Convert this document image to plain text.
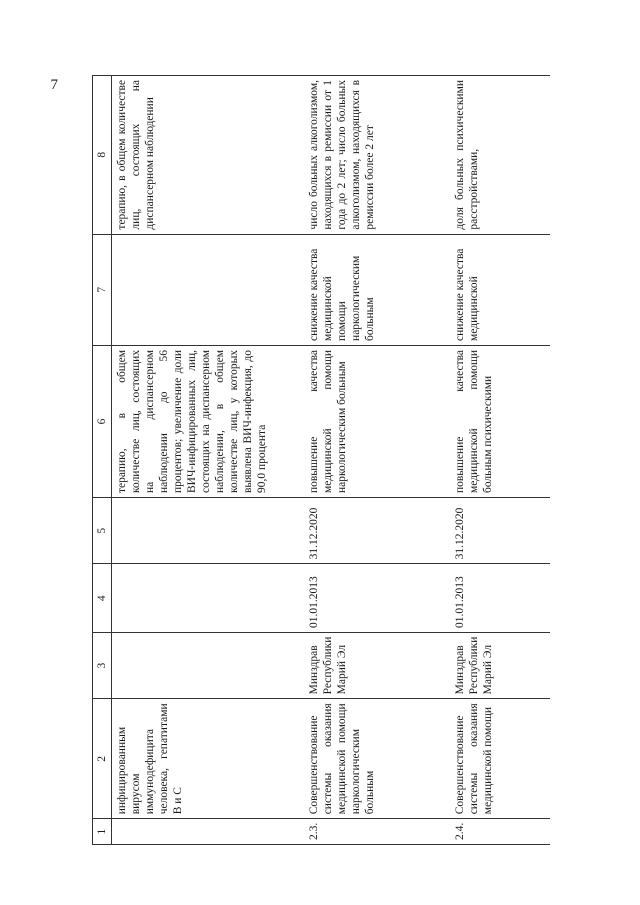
7
1	2	3	4	5	6	7	8
	инфицированным вирусом иммунодефицита человека, гепатитами В и С				терапию, в общем количестве лиц, состоящих на диспансерном наблюдении до 56 процентов; увеличение доли ВИЧ-инфицированных лиц, состоящих на диспансерном наблюдении, в общем количестве лиц, у которых выявлена ВИЧ-инфекция, до 90,0 процента		терапию, в общем количестве лиц, состоящих на диспансерном наблюдении
2.3.	Совершенствование системы оказания медицинской помощи наркологическим больным	Минздрав Республики Марий Эл	01.01.2013	31.12.2020	повышение качества медицинской помощи наркологическим больным	снижение качества медицинской помощи наркологическим больным	число больных алкоголизмом, находящихся в ремиссии от 1 года до 2 лет; число больных алкоголизмом, находящихся в ремиссии более 2 лет
2.4.	Совершенствование системы оказания медицинской помощи	Минздрав Республики Марий Эл	01.01.2013	31.12.2020	повышение качества медицинской помощи больным психическими	снижение качества медицинской	доля больных психическими расстройствами,
